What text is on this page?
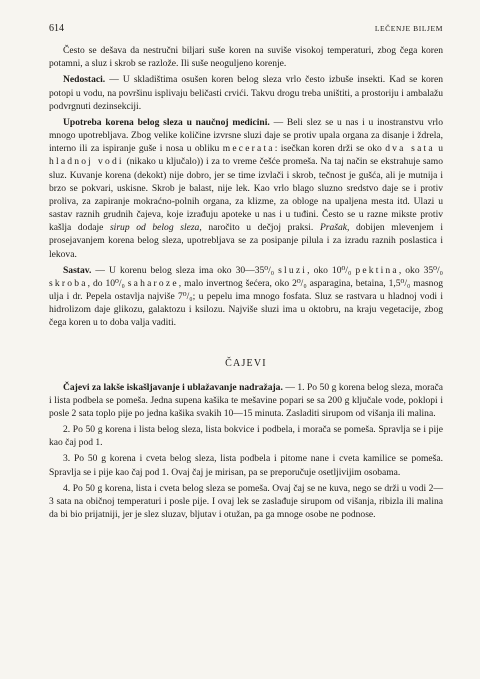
614	LEČENJE BILJEM

Često se dešava da nestručni biljari suše koren na suviše visokoj temperaturi, zbog čega koren potamni, a sluz i skrob se razlože. Ili suše neoguljeno korenje.

Nedostaci. — U skladištima osušen koren belog sleza vrlo često izbuše insekti. Kad se koren potopi u vodu, na površinu isplivaju beličasti crvići. Takvu drogu treba uništiti, a prostoriju i ambalažu podvrgnuti dezinsekciji.

Upotreba korena belog sleza u naučnoj medicini. — Beli slez se u nas i u inostranstvu vrlo mnogo upotrebljava. Zbog velike količine izvrsne sluzi daje se protiv upala organa za disanje i ždrela, interno ili za ispiranje guše i nosa u obliku mecerata: isečkan koren drži se oko dva sata u hladnoj vodi (nikako u ključalo)) i za to vreme češće promeša. Na taj način se ekstrahuje samo sluz. Kuvanje korena (dekokt) nije dobro, jer se time izvlači i skrob, tečnost je gušća, ali je mutnija i brzo se pokvari, uskisne. Skrob je balast, nije lek. Kao vrlo blago sluzno sredstvo daje se i protiv proliva, za zapiranje mokraćno-polnih organa, za klizme, za obloge na upaljena mesta itd. Ulazi u sastav raznih grudnih čajeva, koje izrađuju apoteke u nas i u tuđini. Često se u razne mikste protiv kašlja dodaje sirup od belog sleza, naročito u dečjoj praksi. Prašak, dobijen mlevenjem i prosejavanjem korena belog sleza, upotrebljava se za posipanje pilula i za izradu raznih poslastica i lekova.

Sastav. — U korenu belog sleza ima oko 30—35⁰/₀ sluzi, oko 10⁰/₀ pektina, oko 35⁰/₀ skroba, do 10⁰/₀ saharoze, malo invertnog šećera, oko 2⁰/₀ asparagina, betaina, 1,5⁰/₀ masnog ulja i dr. Pepela ostavlja najviše 7⁰/₀; u pepelu ima mnogo fosfata. Sluz se rastvara u hladnoj vodi i hidrolizom daje glikozu, galaktozu i ksilozu. Najviše sluzi ima u oktobru, na kraju vegetacije, zbog čega koren u to doba valja vaditi.

ČAJEVI

Čajevi za lakše iskašljavanje i ublažavanje nadražaja. — 1. Po 50 g korena belog sleza, morača i lista podbela se pomeša. Jedna supena kašika te mešavine popari se sa 200 g ključale vode, poklopi i posle 2 sata toplo pije po jedna kašika svakih 10—15 minuta. Zasladiti sirupom od višanja ili malina.

2. Po 50 g korena i lista belog sleza, lista bokvice i podbela, i morača se pomeša. Spravlja se i pije kao čaj pod 1.

3. Po 50 g korena i cveta belog sleza, lista podbela i pitome nane i cveta kamilice se pomeša. Spravlja se i pije kao čaj pod 1. Ovaj čaj je mirisan, pa se preporučuje osetljivijim osobama.

4. Po 50 g korena, lista i cveta belog sleza se pomeša. Ovaj čaj se ne kuva, nego se drži u vodi 2—3 sata na običnoj temperaturi i posle pije. I ovaj lek se zaslađuje sirupom od višanja, ribizla ili malina da bi bio prijatniji, jer je slez sluzav, bljutav i otužan, pa ga mnoge osobe ne podnose.
